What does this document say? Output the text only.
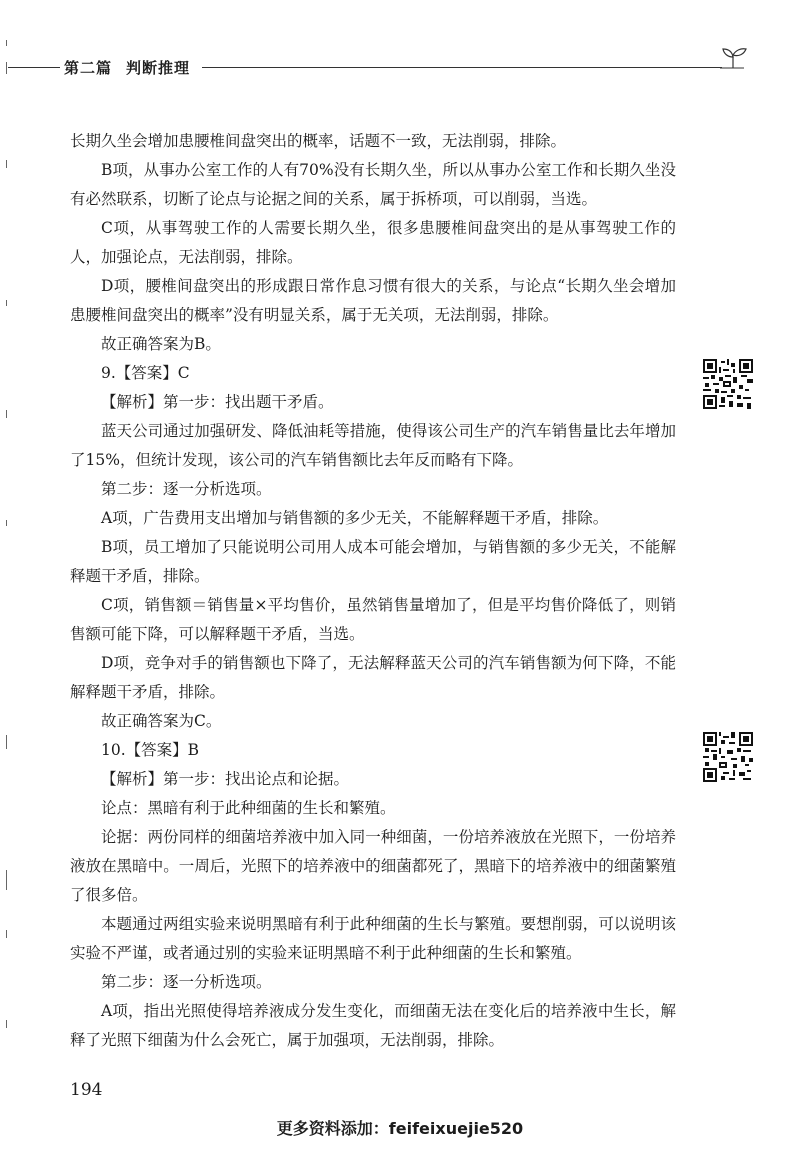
第二篇 判断推理

长期久坐会增加患腰椎间盘突出的概率，话题不一致，无法削弱，排除。

B项，从事办公室工作的人有70%没有长期久坐，所以从事办公室工作和长期久坐没有必然联系，切断了论点与论据之间的关系，属于拆桥项，可以削弱，当选。

C项，从事驾驶工作的人需要长期久坐，很多患腰椎间盘突出的是从事驾驶工作的人，加强论点，无法削弱，排除。

D项，腰椎间盘突出的形成跟日常作息习惯有很大的关系，与论点“长期久坐会增加患腰椎间盘突出的概率”没有明显关系，属于无关项，无法削弱，排除。

故正确答案为B。

9.【答案】C

【解析】第一步：找出题干矛盾。

蓝天公司通过加强研发、降低油耗等措施，使得该公司生产的汽车销售量比去年增加了15%，但统计发现，该公司的汽车销售额比去年反而略有下降。

第二步：逐一分析选项。

A项，广告费用支出增加与销售额的多少无关，不能解释题干矛盾，排除。

B项，员工增加了只能说明公司用人成本可能会增加，与销售额的多少无关，不能解释题干矛盾，排除。

C项，销售额＝销售量×平均售价，虽然销售量增加了，但是平均售价降低了，则销售额可能下降，可以解释题干矛盾，当选。

D项，竞争对手的销售额也下降了，无法解释蓝天公司的汽车销售额为何下降，不能解释题干矛盾，排除。

故正确答案为C。

10.【答案】B

【解析】第一步：找出论点和论据。

论点：黑暗有利于此种细菌的生长和繁殖。

论据：两份同样的细菌培养液中加入同一种细菌，一份培养液放在光照下，一份培养液放在黑暗中。一周后，光照下的培养液中的细菌都死了，黑暗下的培养液中的细菌繁殖了很多倍。

本题通过两组实验来说明黑暗有利于此种细菌的生长与繁殖。要想削弱，可以说明该实验不严谨，或者通过别的实验来证明黑暗不利于此种细菌的生长和繁殖。

第二步：逐一分析选项。

A项，指出光照使得培养液成分发生变化，而细菌无法在变化后的培养液中生长，解释了光照下细菌为什么会死亡，属于加强项，无法削弱，排除。

194
更多资料添加：feifeixuejie520
